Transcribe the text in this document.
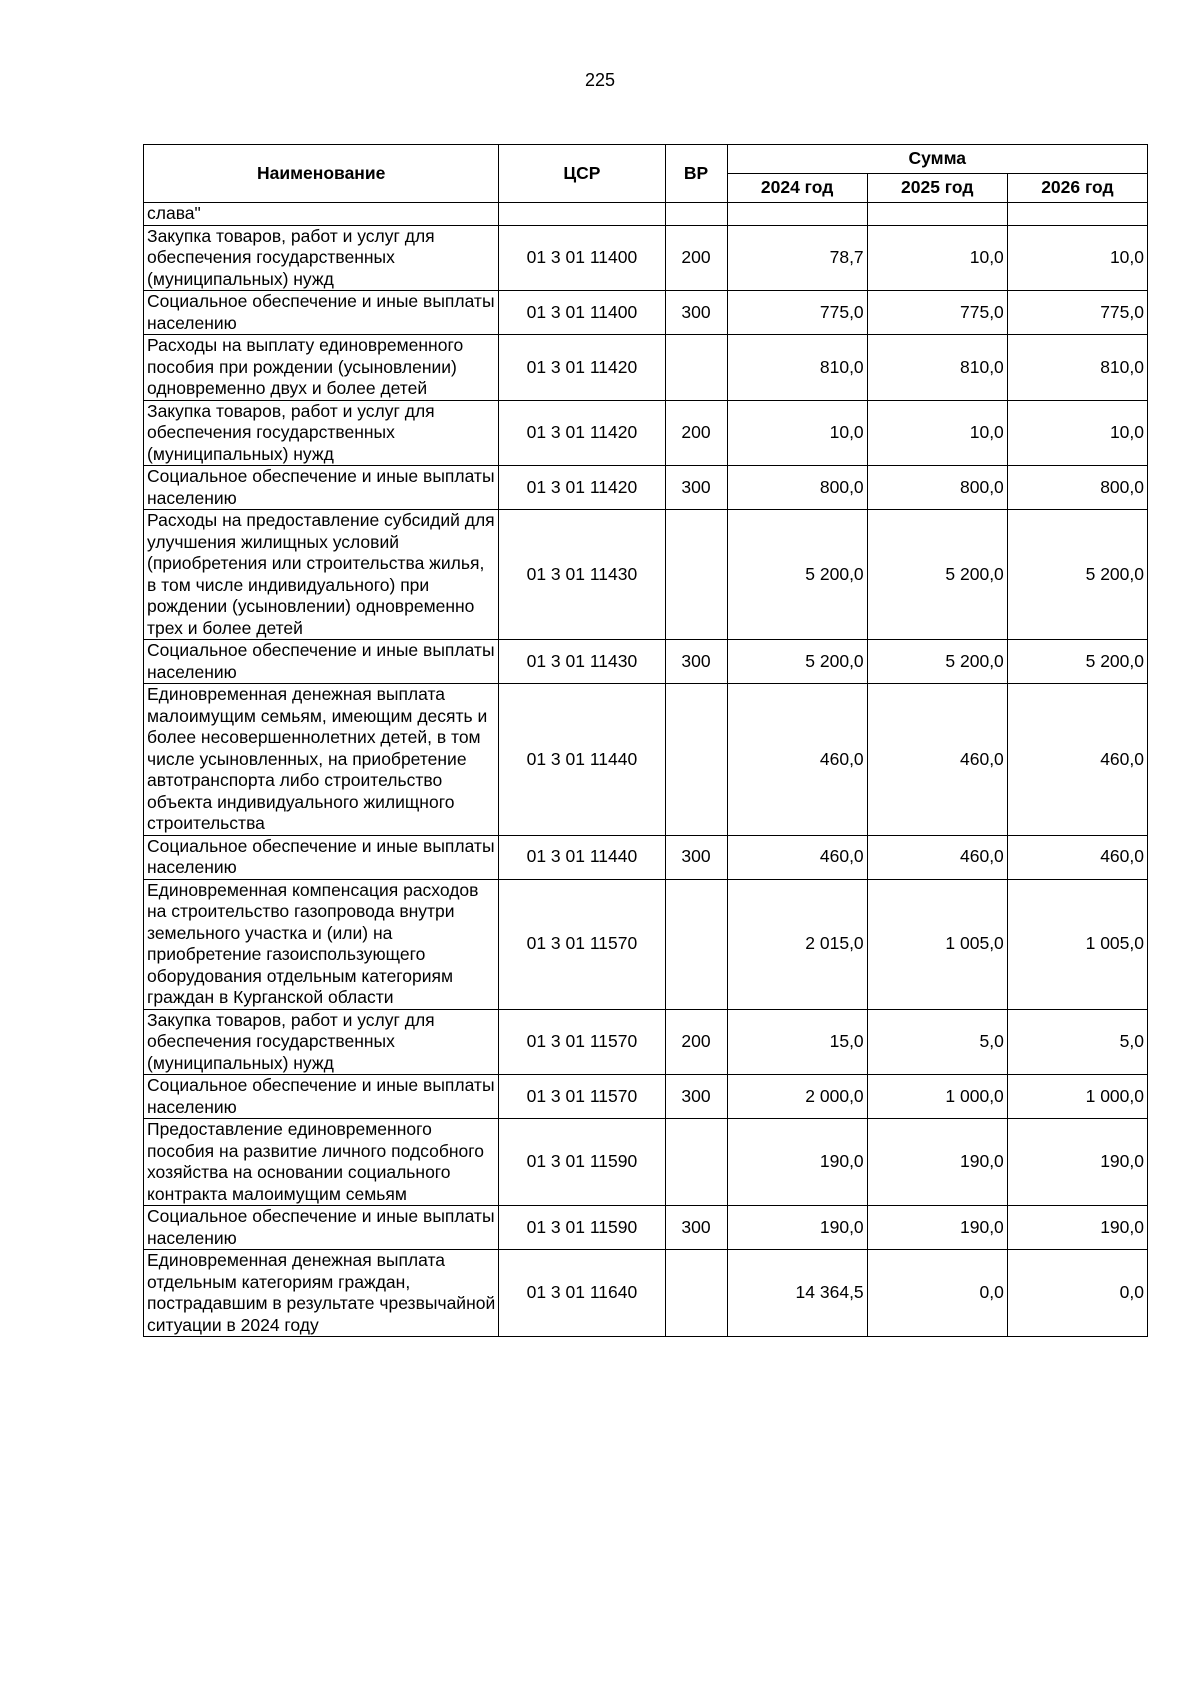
225
Наименование	ЦСР	ВР	Сумма		
			2024 год	2025 год	2026 год
слава"					
Закупка товаров, работ и услуг для обеспечения государственных (муниципальных) нужд	01 3 01 11400	200	78,7	10,0	10,0
Социальное обеспечение и иные выплаты населению	01 3 01 11400	300	775,0	775,0	775,0
Расходы на выплату единовременного пособия при рождении (усыновлении) одновременно двух и более детей	01 3 01 11420		810,0	810,0	810,0
Закупка товаров, работ и услуг для обеспечения государственных (муниципальных) нужд	01 3 01 11420	200	10,0	10,0	10,0
Социальное обеспечение и иные выплаты населению	01 3 01 11420	300	800,0	800,0	800,0
Расходы на предоставление субсидий для улучшения жилищных условий (приобретения или строительства жилья, в том числе индивидуального) при рождении (усыновлении) одновременно трех и более детей	01 3 01 11430		5 200,0	5 200,0	5 200,0
Социальное обеспечение и иные выплаты населению	01 3 01 11430	300	5 200,0	5 200,0	5 200,0
Единовременная денежная выплата малоимущим семьям, имеющим десять и более несовершеннолетних детей, в том числе усыновленных, на приобретение автотранспорта либо строительство объекта индивидуального жилищного строительства	01 3 01 11440		460,0	460,0	460,0
Социальное обеспечение и иные выплаты населению	01 3 01 11440	300	460,0	460,0	460,0
Единовременная компенсация расходов на строительство газопровода внутри земельного участка и (или) на приобретение газоиспользующего оборудования отдельным категориям граждан в Курганской области	01 3 01 11570		2 015,0	1 005,0	1 005,0
Закупка товаров, работ и услуг для обеспечения государственных (муниципальных) нужд	01 3 01 11570	200	15,0	5,0	5,0
Социальное обеспечение и иные выплаты населению	01 3 01 11570	300	2 000,0	1 000,0	1 000,0
Предоставление единовременного пособия на развитие личного подсобного хозяйства на основании социального контракта малоимущим семьям	01 3 01 11590		190,0	190,0	190,0
Социальное обеспечение и иные выплаты населению	01 3 01 11590	300	190,0	190,0	190,0
Единовременная денежная выплата отдельным категориям граждан, пострадавшим в результате чрезвычайной ситуации в 2024 году	01 3 01 11640		14 364,5	0,0	0,0
